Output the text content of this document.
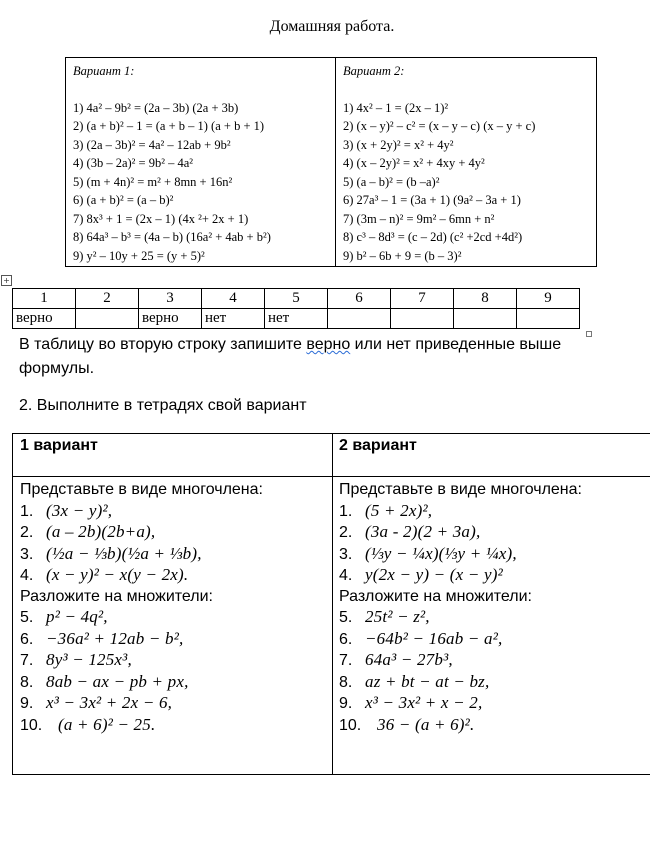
Домашняя работа.
Вариант 1:
1) 4a² – 9b² = (2a – 3b) (2a + 3b)
2) (a + b)² – 1 = (a + b – 1) (a + b + 1)
3) (2a – 3b)² = 4a² – 12ab + 9b²
4) (3b – 2a)² = 9b² – 4a²
5) (m + 4n)² = m² + 8mn + 16n²
6) (a + b)² = (a – b)²
7) 8x³ + 1 = (2x – 1) (4x ²+ 2x + 1)
8) 64a³ – b³ = (4a – b) (16a² + 4ab + b²)
9) y² – 10y + 25 = (y + 5)²
Вариант 2:
1) 4x² – 1 = (2x – 1)²
2) (x – y)² – c² = (x – y – c) (x – y + c)
3) (x + 2y)² = x² + 4y²
4) (x – 2y)² = x² + 4xy + 4y²
5) (a – b)² = (b –a)²
6) 27a³ – 1 = (3a + 1) (9a² – 3a + 1)
7) (3m – n)² = 9m² – 6mn + n²
8) c³ – 8d³ = (c – 2d) (c² +2cd +4d²)
9) b² – 6b + 9 = (b – 3)²
+
1	2	3	4	5	6	7	8	9
верно		верно	нет	нет				
В таблицу во вторую строку запишите верно или нет приведенные выше формулы.
2. Выполните в тетрадях свой вариант
1 вариант	2 вариант
Представьте в виде многочлена:
1. (3x − y)²,
2. (a – 2b)(2b+a),
3. (½a − ⅓b)(½a + ⅓b),
4. (x − y)² − x(y − 2x).
Разложите на множители:
5. p² − 4q²,
6. −36a² + 12ab − b²,
7. 8y³ − 125x³,
8. 8ab − ax − pb + px,
9. x³ − 3x² + 2x − 6,
10. (a + 6)² − 25.
Представьте в виде многочлена:
1. (5 + 2x)²,
2. (3a - 2)(2 + 3a),
3. (⅓y − ¼x)(⅓y + ¼x),
4. y(2x − y) − (x − y)²
Разложите на множители:
5. 25t² − z²,
6. −64b² − 16ab − a²,
7. 64a³ − 27b³,
8. az + bt − at − bz,
9. x³ − 3x² + x − 2,
10. 36 − (a + 6)².
